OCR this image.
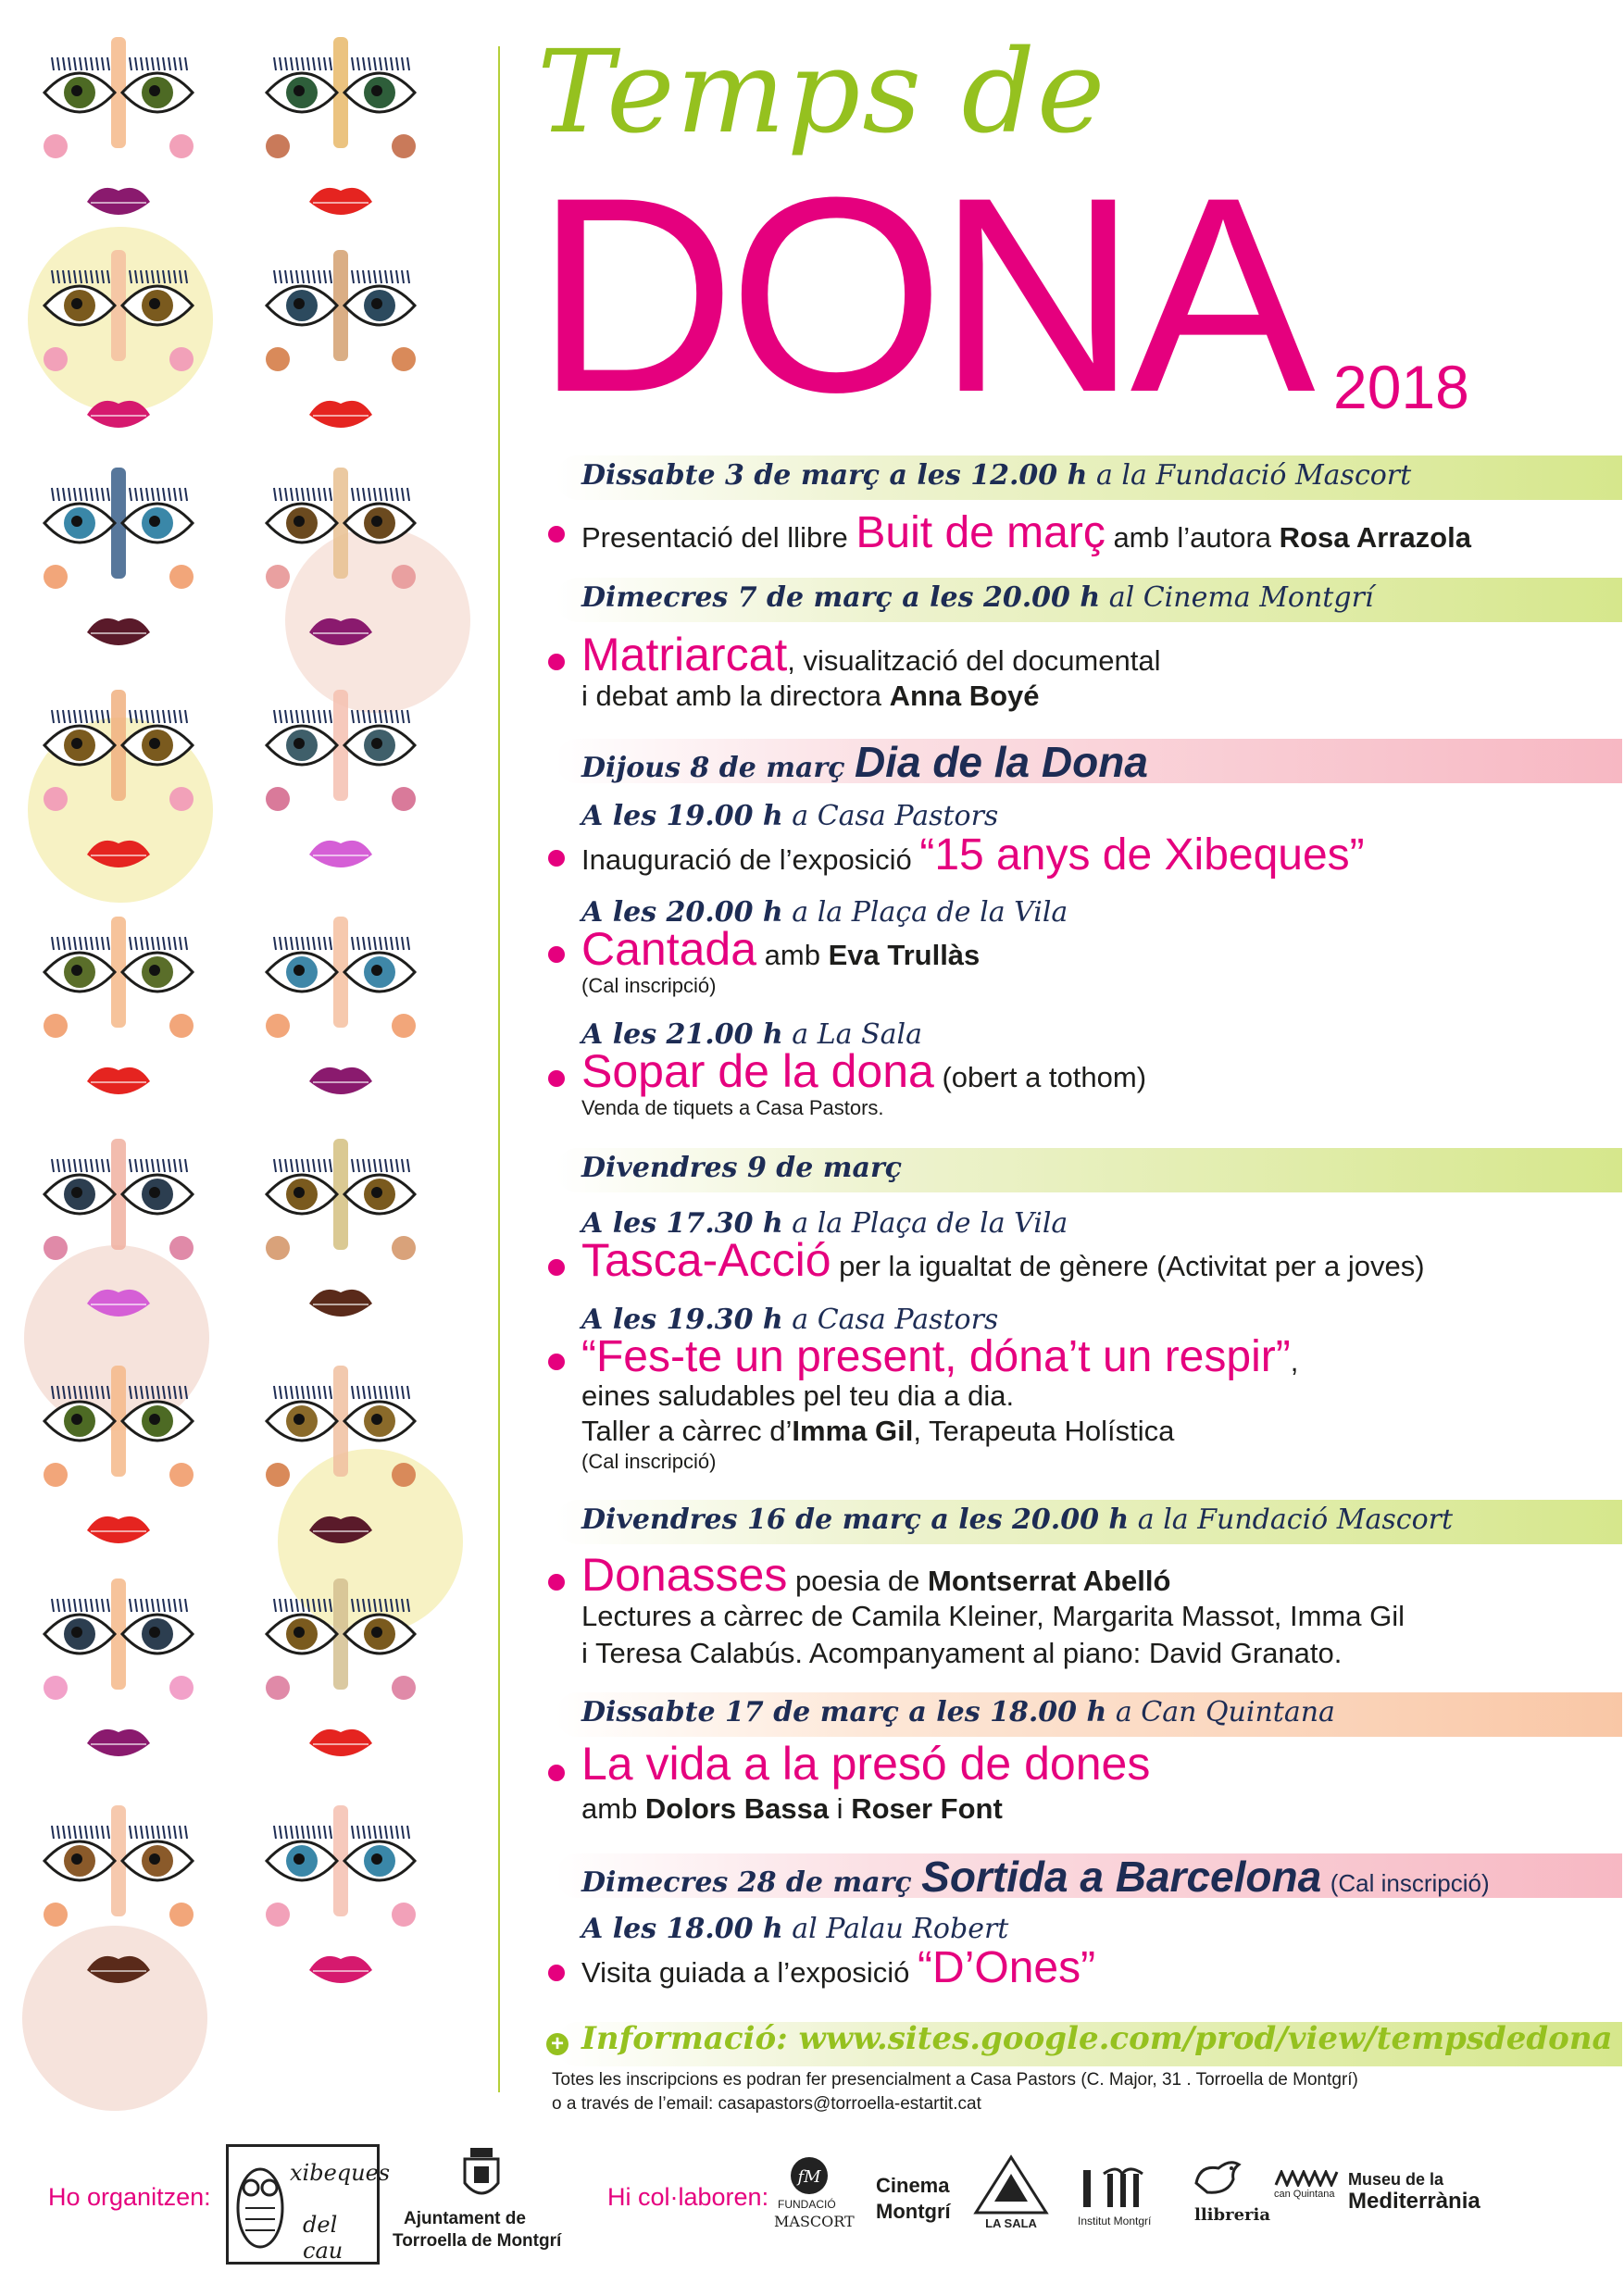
Temps de
DONA 2018
Dissabte 3 de març a les 12.00 h a la Fundació Mascort
Presentació del llibre Buit de març amb l’autora Rosa Arrazola
Dimecres 7 de març a les 20.00 h al Cinema Montgrí
Matriarcat, visualització del documental
i debat amb la directora Anna Boyé
Dijous 8 de març Dia de la Dona
A les 19.00 h a Casa Pastors
Inauguració de l’exposició “15 anys de Xibeques”
A les 20.00 h a la Plaça de la Vila
Cantada amb Eva Trullàs
(Cal inscripció)
A les 21.00 h a La Sala
Sopar de la dona (obert a tothom)
Venda de tiquets a Casa Pastors.
Divendres 9 de març
A les 17.30 h a la Plaça de la Vila
Tasca-Acció per la igualtat de gènere (Activitat per a joves)
A les 19.30 h a Casa Pastors
“Fes-te un present, dóna’t un respir”,
eines saludables pel teu dia a dia.
Taller a càrrec d’Imma Gil, Terapeuta Holística
(Cal inscripció)
Divendres 16 de març a les 20.00 h a la Fundació Mascort
Donasses poesia de Montserrat Abelló
Lectures a càrrec de Camila Kleiner, Margarita Massot, Imma Gil
i Teresa Calabús. Acompanyament al piano: David Granato.
Dissabte 17 de març a les 18.00 h a Can Quintana
La vida a la presó de dones
amb Dolors Bassa i Roser Font
Dimecres 28 de març Sortida a Barcelona (Cal inscripció)
A les 18.00 h al Palau Robert
Visita guiada a l’exposició “D’Ones”
+ Informació: www.sites.google.com/prod/view/tempsdedona
Totes les inscripcions es podran fer presencialment a Casa Pastors (C. Major, 31 . Torroella de Montgrí)
o a través de l’email: casapastors@torroella-estartit.cat
Ho organitzen:
xibeques
del cau
Ajuntament de
Torroella de Montgrí
Hi col·laboren:
fM
FUNDACIÓ
MASCORT
Cinema
Montgrí
LA SALA	Institut Montgrí	llibreria
can Quintana
Museu de la
Mediterrània
